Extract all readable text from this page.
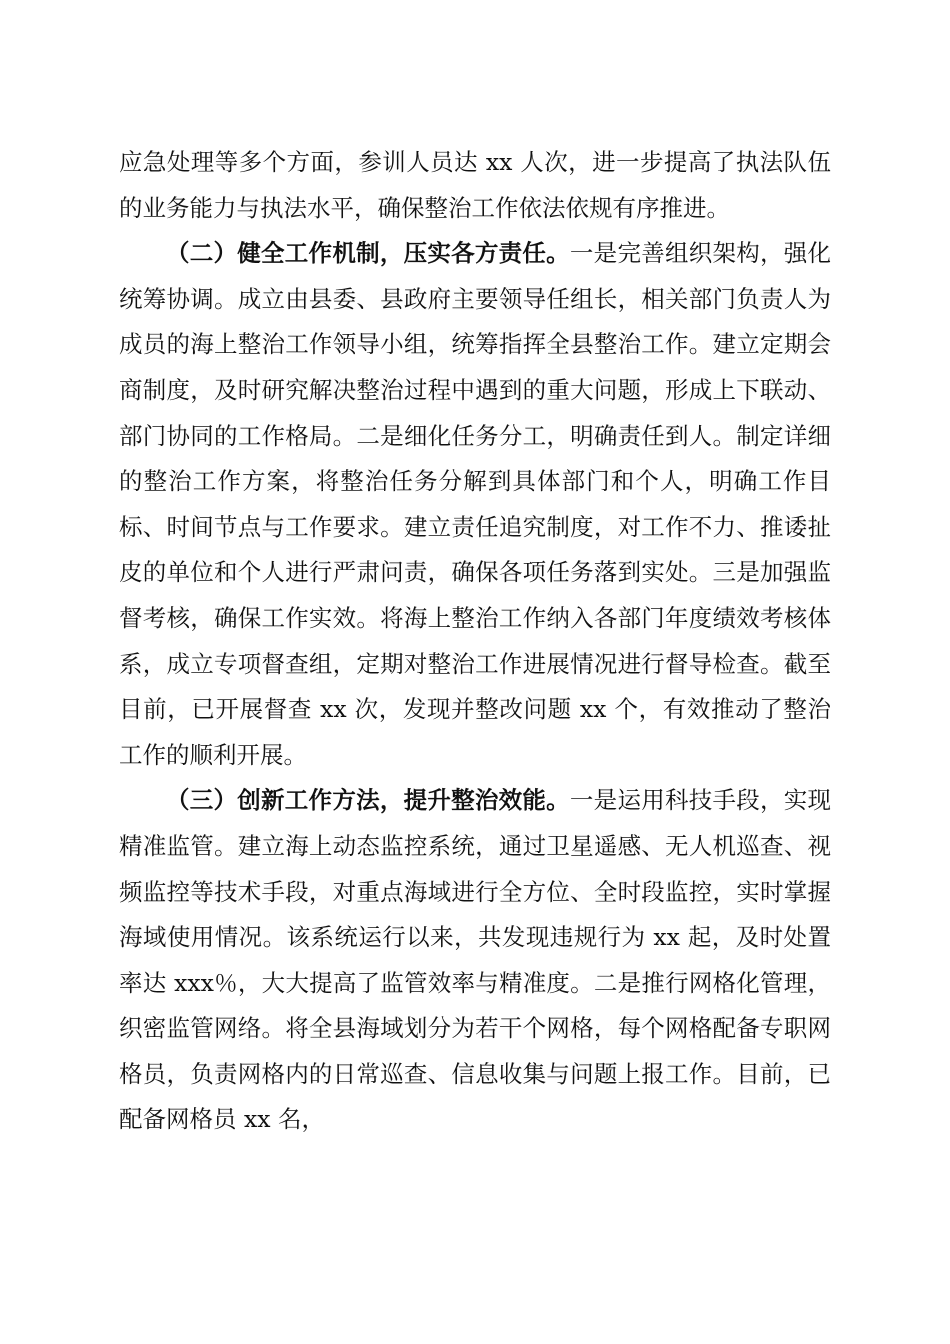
应急处理等多个方面，参训人员达 xx 人次，进一步提高了执法队伍的业务能力与执法水平，确保整治工作依法依规有序推进。

（二）健全工作机制，压实各方责任。一是完善组织架构，强化统筹协调。成立由县委、县政府主要领导任组长，相关部门负责人为成员的海上整治工作领导小组，统筹指挥全县整治工作。建立定期会商制度，及时研究解决整治过程中遇到的重大问题，形成上下联动、部门协同的工作格局。二是细化任务分工，明确责任到人。制定详细的整治工作方案，将整治任务分解到具体部门和个人，明确工作目标、时间节点与工作要求。建立责任追究制度，对工作不力、推诿扯皮的单位和个人进行严肃问责，确保各项任务落到实处。三是加强监督考核，确保工作实效。将海上整治工作纳入各部门年度绩效考核体系，成立专项督查组，定期对整治工作进展情况进行督导检查。截至目前，已开展督查 xx 次，发现并整改问题 xx 个，有效推动了整治工作的顺利开展。

（三）创新工作方法，提升整治效能。一是运用科技手段，实现精准监管。建立海上动态监控系统，通过卫星遥感、无人机巡查、视频监控等技术手段，对重点海域进行全方位、全时段监控，实时掌握海域使用情况。该系统运行以来，共发现违规行为 xx 起，及时处置率达 xxx％，大大提高了监管效率与精准度。二是推行网格化管理，织密监管网络。将全县海域划分为若干个网格，每个网格配备专职网格员，负责网格内的日常巡查、信息收集与问题上报工作。目前，已配备网格员 xx 名，
